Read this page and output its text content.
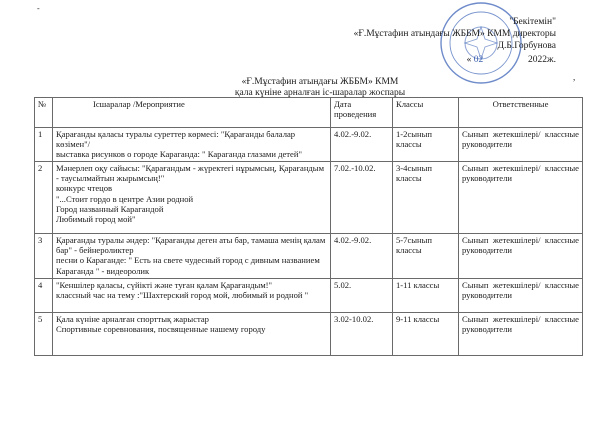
-
"Бекітемін"
«Ғ.Мұстафин атындағы ЖББМ» КММ директоры
Д.Б.Горбунова
« 02	2022ж.
,
«Ғ.Мұстафин атындағы ЖББМ» КММ
қала күніне арналған іс-шаралар жоспары
№	Ісшаралар /Мероприятие	Дата проведения	Классы	Ответственные
1	Қарағанды қаласы туралы суреттер көрмесі: "Қарағанды балалар көзімен"/
выставка рисунков о городе Караганда: " Караганда глазами детей"	4.02.-9.02.	1-2сынып классы	Сынып жетекшілері/ классные руководители
2	Мәнерлеп оқу сайысы: "Қарағандым - жүректегі нұрымсың, Қарағандым - таусылмайтын жырымсың!"
конкурс чтецов
"...Стоит гордо в центре Азии родной
Город названный Карагандой
Любимый город мой"	7.02.-10.02.	3-4сынып классы	Сынып жетекшілері/ классные руководители
3	Қарағанды туралы әндер: "Қарағанды деген аты бар, тамаша менің қалам бар" - бейнероликтер
песни о Караганде: " Есть на свете чудесный город с дивным названием Караганда " - видеоролик	4.02.-9.02.	5-7сынып классы	Сынып жетекшілері/ классные руководители
4	"Кеншілер қаласы, сүйікті және туған қалам Қарағандым!"
классный час на тему :"Шахтерский город мой, любимый и родной "	5.02.	1-11 классы	Сынып жетекшілері/ классные руководители
5	Қала күніне арналған спорттық жарыстар
Спортивные соревнования, посвященные нашему городу	3.02-10.02.	9-11 классы	Сынып жетекшілері/ классные руководители
